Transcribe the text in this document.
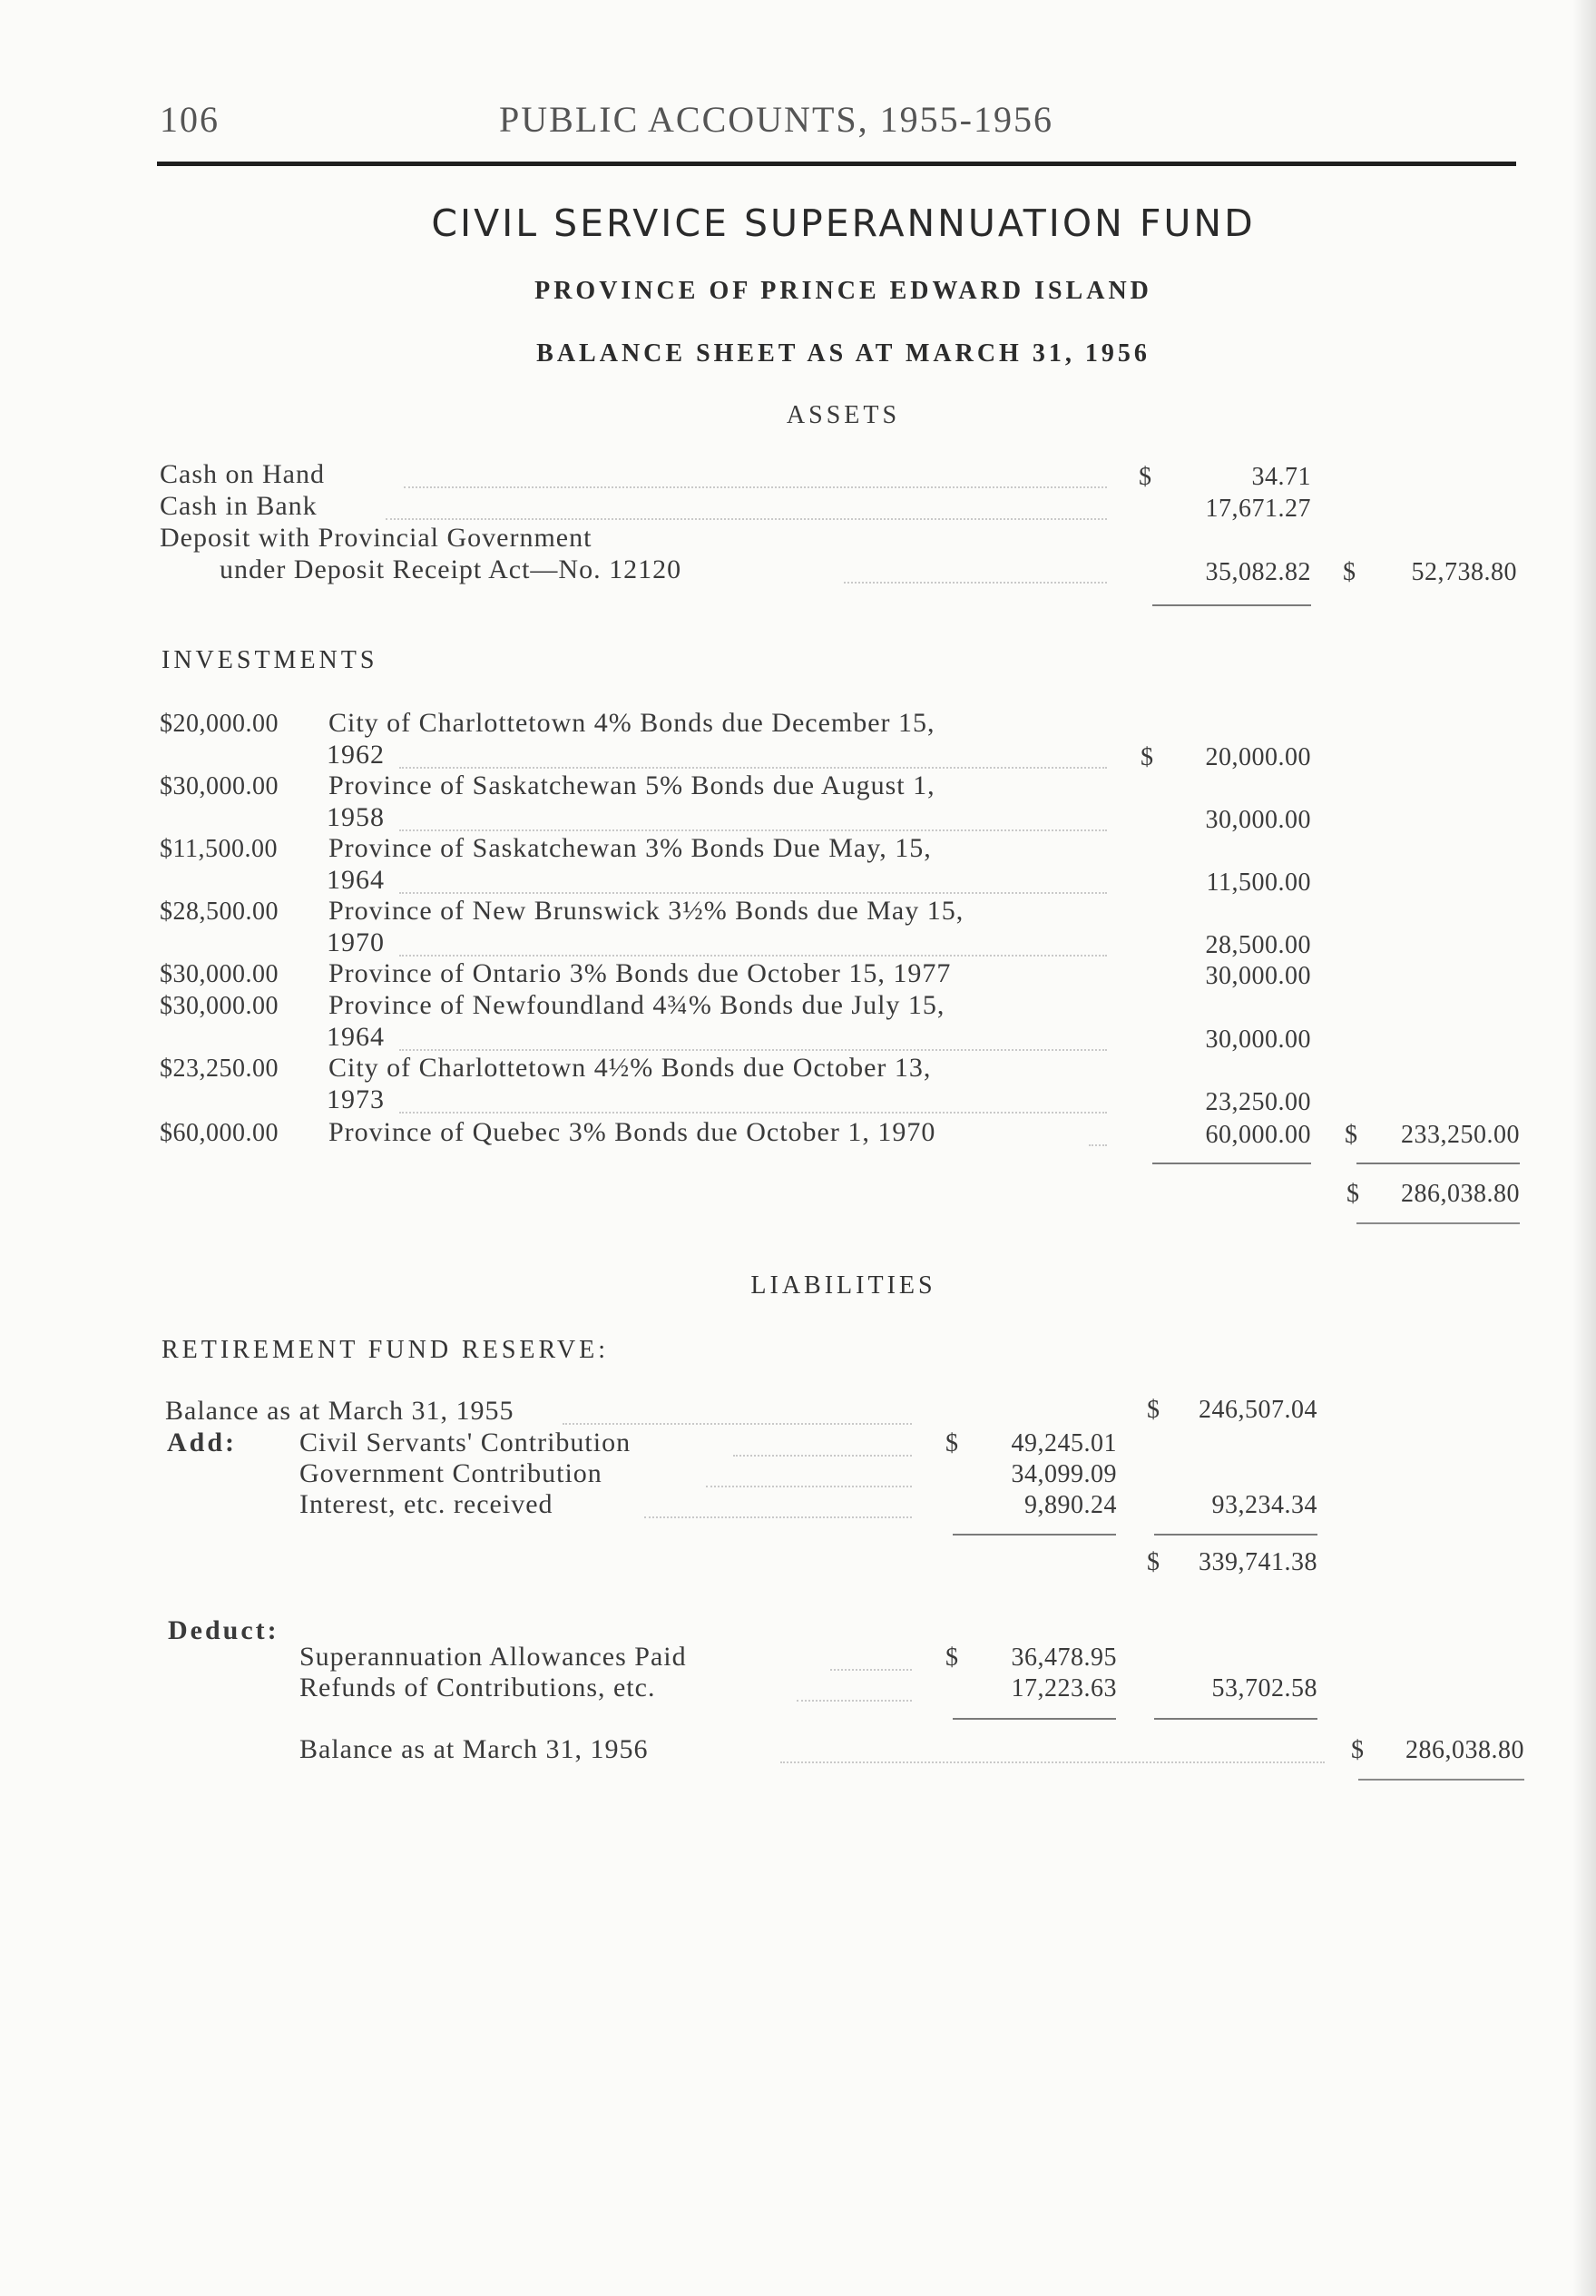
106	PUBLIC ACCOUNTS, 1955-1956
CIVIL SERVICE SUPERANNUATION FUND
PROVINCE OF PRINCE EDWARD ISLAND
BALANCE SHEET AS AT MARCH 31, 1956
ASSETS
Cash on Hand	$	34.71
Cash in Bank	17,671.27
Deposit with Provincial Government
under Deposit Receipt Act—No. 12120	35,082.82 $	52,738.80
INVESTMENTS
$20,000.00 City of Charlottetown 4% Bonds due December 15,
1962	$	20,000.00
$30,000.00 Province of Saskatchewan 5% Bonds due August 1,
1958	30,000.00
$11,500.00 Province of Saskatchewan 3% Bonds Due May, 15,
1964	11,500.00
$28,500.00 Province of New Brunswick 3½% Bonds due May 15,
1970	28,500.00
$30,000.00 Province of Ontario 3% Bonds due October 15, 1977	30,000.00
$30,000.00 Province of Newfoundland 4¾% Bonds due July 15,
1964	30,000.00
$23,250.00 City of Charlottetown 4½% Bonds due October 13,
1973	23,250.00
$60,000.00 Province of Quebec 3% Bonds due October 1, 1970	60,000.00 $	233,250.00
$	286,038.80
LIABILITIES
RETIREMENT FUND RESERVE:
Balance as at March 31, 1955	$	246,507.04
Add: Civil Servants' Contribution	$	49,245.01
Government Contribution	34,099.09
Interest, etc. received	9,890.24	93,234.34
$	339,741.38
Deduct:
Superannuation Allowances Paid	$	36,478.95
Refunds of Contributions, etc.	17,223.63	53,702.58
Balance as at March 31, 1956	$	286,038.80
